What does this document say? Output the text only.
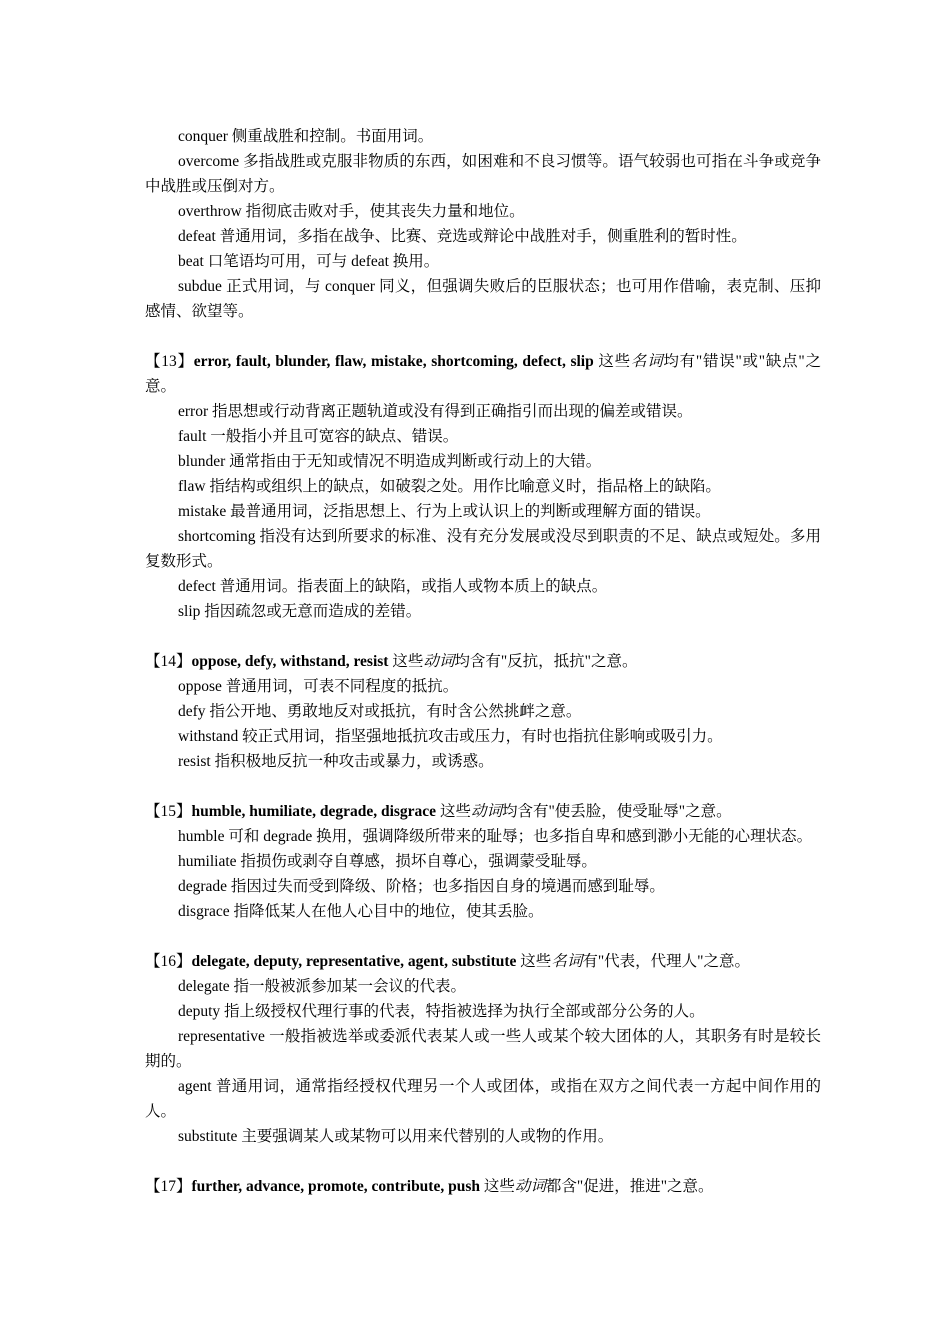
conquer 侧重战胜和控制。书面用词。

overcome 多指战胜或克服非物质的东西，如困难和不良习惯等。语气较弱也可指在斗争或竞争中战胜或压倒对方。

overthrow 指彻底击败对手，使其丧失力量和地位。

defeat 普通用词，多指在战争、比赛、竞选或辩论中战胜对手，侧重胜利的暂时性。

beat 口笔语均可用，可与 defeat 换用。

subdue 正式用词，与 conquer 同义，但强调失败后的臣服状态；也可用作借喻，表克制、压抑感情、欲望等。

【13】error, fault, blunder, flaw, mistake, shortcoming, defect, slip 这些名词均有"错误"或"缺点"之意。

error 指思想或行动背离正题轨道或没有得到正确指引而出现的偏差或错误。

fault 一般指小并且可宽容的缺点、错误。

blunder 通常指由于无知或情况不明造成判断或行动上的大错。

flaw 指结构或组织上的缺点，如破裂之处。用作比喻意义时，指品格上的缺陷。

mistake 最普通用词，泛指思想上、行为上或认识上的判断或理解方面的错误。

shortcoming 指没有达到所要求的标准、没有充分发展或没尽到职责的不足、缺点或短处。多用复数形式。

defect 普通用词。指表面上的缺陷，或指人或物本质上的缺点。

slip 指因疏忽或无意而造成的差错。

【14】oppose, defy, withstand, resist 这些动词均含有"反抗，抵抗"之意。

oppose 普通用词，可表不同程度的抵抗。

defy 指公开地、勇敢地反对或抵抗，有时含公然挑衅之意。

withstand 较正式用词，指坚强地抵抗攻击或压力，有时也指抗住影响或吸引力。

resist 指积极地反抗一种攻击或暴力，或诱惑。

【15】humble, humiliate, degrade, disgrace 这些动词均含有"使丢脸，使受耻辱"之意。

humble 可和 degrade 换用，强调降级所带来的耻辱；也多指自卑和感到渺小无能的心理状态。

humiliate 指损伤或剥夺自尊感，损坏自尊心，强调蒙受耻辱。

degrade 指因过失而受到降级、阶格；也多指因自身的境遇而感到耻辱。

disgrace 指降低某人在他人心目中的地位，使其丢脸。

【16】delegate, deputy, representative, agent, substitute 这些名词有"代表，代理人"之意。

delegate 指一般被派参加某一会议的代表。

deputy 指上级授权代理行事的代表，特指被选择为执行全部或部分公务的人。

representative 一般指被选举或委派代表某人或一些人或某个较大团体的人，其职务有时是较长期的。

agent 普通用词，通常指经授权代理另一个人或团体，或指在双方之间代表一方起中间作用的人。

substitute 主要强调某人或某物可以用来代替别的人或物的作用。

【17】further, advance, promote, contribute, push 这些动词都含"促进，推进"之意。
